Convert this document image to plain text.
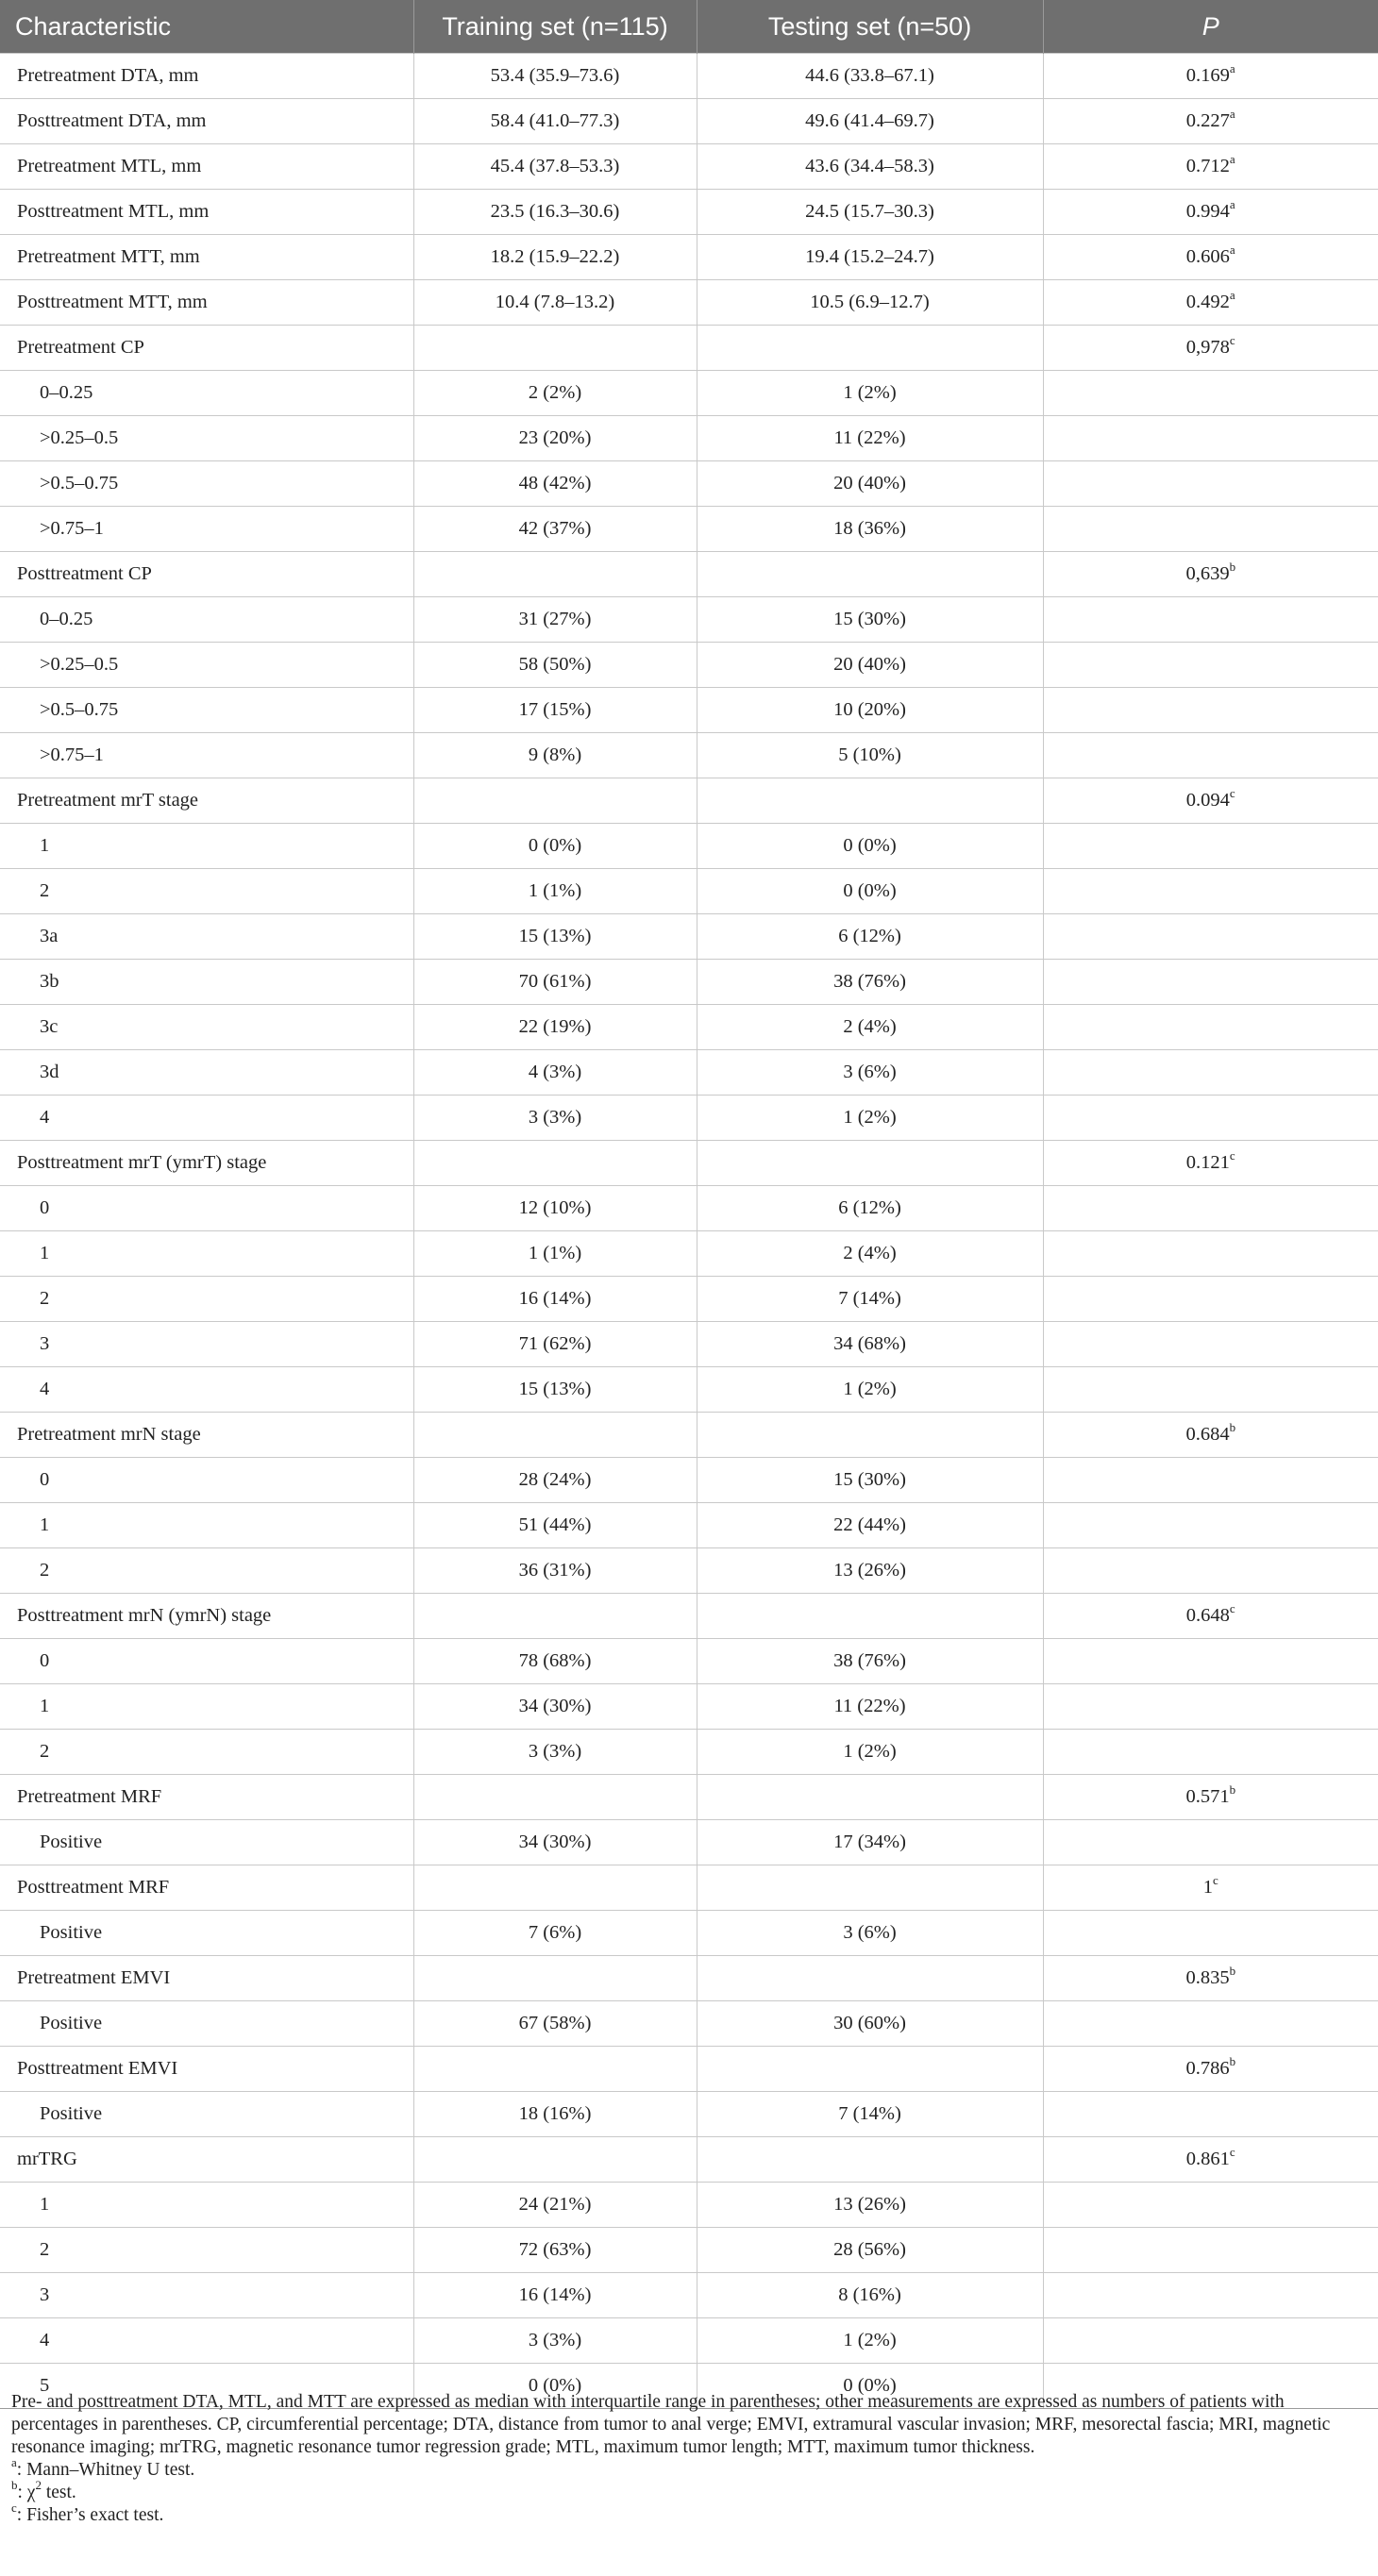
Characteristic	Training set (n=115)	Testing set (n=50)	P
Pretreatment DTA, mm	53.4 (35.9–73.6)	44.6 (33.8–67.1)	0.169$^a$
Posttreatment DTA, mm	58.4 (41.0–77.3)	49.6 (41.4–69.7)	0.227$^a$
Pretreatment MTL, mm	45.4 (37.8–53.3)	43.6 (34.4–58.3)	0.712$^a$
Posttreatment MTL, mm	23.5 (16.3–30.6)	24.5 (15.7–30.3)	0.994$^a$
Pretreatment MTT, mm	18.2 (15.9–22.2)	19.4 (15.2–24.7)	0.606$^a$
Posttreatment MTT, mm	10.4 (7.8–13.2)	10.5 (6.9–12.7)	0.492$^a$
Pretreatment CP			0,978$^c$
0–0.25	2 (2%)	1 (2%)	
>0.25–0.5	23 (20%)	11 (22%)	
>0.5–0.75	48 (42%)	20 (40%)	
>0.75–1	42 (37%)	18 (36%)	
Posttreatment CP			0,639$^b$
0–0.25	31 (27%)	15 (30%)	
>0.25–0.5	58 (50%)	20 (40%)	
>0.5–0.75	17 (15%)	10 (20%)	
>0.75–1	9 (8%)	5 (10%)	
Pretreatment mrT stage			0.094$^c$
1	0 (0%)	0 (0%)	
2	1 (1%)	0 (0%)	
3a	15 (13%)	6 (12%)	
3b	70 (61%)	38 (76%)	
3c	22 (19%)	2 (4%)	
3d	4 (3%)	3 (6%)	
4	3 (3%)	1 (2%)	
Posttreatment mrT (ymrT) stage			0.121$^c$
0	12 (10%)	6 (12%)	
1	1 (1%)	2 (4%)	
2	16 (14%)	7 (14%)	
3	71 (62%)	34 (68%)	
4	15 (13%)	1 (2%)	
Pretreatment mrN stage			0.684$^b$
0	28 (24%)	15 (30%)	
1	51 (44%)	22 (44%)	
2	36 (31%)	13 (26%)	
Posttreatment mrN (ymrN) stage			0.648$^c$
0	78 (68%)	38 (76%)	
1	34 (30%)	11 (22%)	
2	3 (3%)	1 (2%)	
Pretreatment MRF			0.571$^b$
Positive	34 (30%)	17 (34%)	
Posttreatment MRF			1$^c$
Positive	7 (6%)	3 (6%)	
Pretreatment EMVI			0.835$^b$
Positive	67 (58%)	30 (60%)	
Posttreatment EMVI			0.786$^b$
Positive	18 (16%)	7 (14%)	
mrTRG			0.861$^c$
1	24 (21%)	13 (26%)	
2	72 (63%)	28 (56%)	
3	16 (14%)	8 (16%)	
4	3 (3%)	1 (2%)	
5	0 (0%)	0 (0%)	

Pre- and posttreatment DTA, MTL, and MTT are expressed as median with interquartile range in parentheses; other measurements are expressed as numbers of patients with percentages in parentheses. CP, circumferential percentage; DTA, distance from tumor to anal verge; EMVI, extramural vascular invasion; MRF, mesorectal fascia; MRI, magnetic resonance imaging; mrTRG, magnetic resonance tumor regression grade; MTL, maximum tumor length; MTT, maximum tumor thickness.

$^a$: Mann–Whitney U test.

$^b$: $\chi^2$ test.

$^c$: Fisher’s exact test.
